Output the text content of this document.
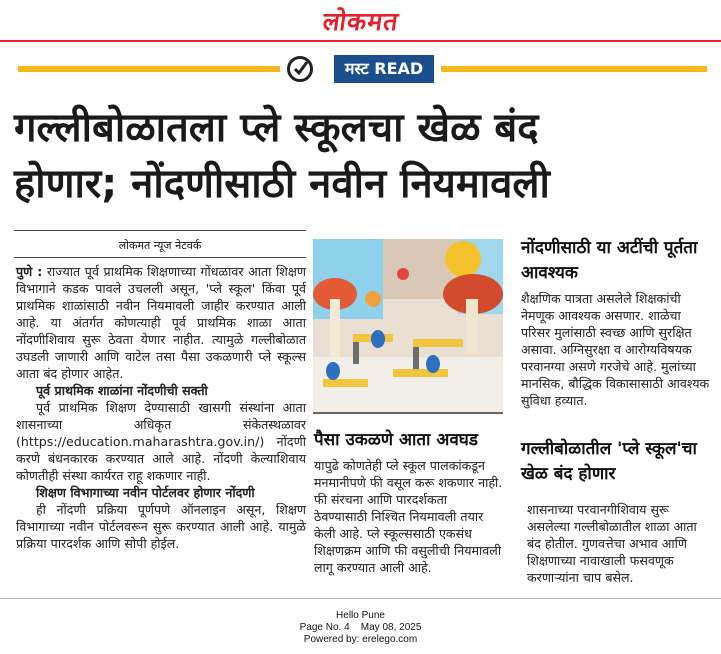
लोकमत
मस्ट READ
गल्लीबोळातला प्ले स्कूलचा खेळ बंद
होणार; नोंदणीसाठी नवीन नियमावली
लोकमत न्यूज नेटवर्क

पुणे : राज्यात पूर्व प्राथमिक शिक्षणाच्या गोंधळावर आता शिक्षण विभागाने कडक पावले उचलली असून, 'प्ले स्कूल' किंवा पूर्व प्राथमिक शाळांसाठी नवीन नियमावली जाहीर करण्यात आली आहे. या अंतर्गत कोणत्याही पूर्व प्राथमिक शाळा आता नोंदणीशिवाय सुरू ठेवता येणार नाहीत. त्यामुळे गल्लीबोळात उघडली जाणारी आणि वाटेल तसा पैसा उकळणारी प्ले स्कूल्स आता बंद होणार आहेत.

पूर्व प्राथमिक शाळांना नोंदणीची सक्ती

पूर्व प्राथमिक शिक्षण देण्यासाठी खासगी संस्थांना आता शासनाच्या अधिकृत संकेतस्थळावर (https://education.maharashtra.gov.in/) नोंदणी करणे बंधनकारक करण्यात आले आहे. नोंदणी केल्याशिवाय कोणतीही संस्था कार्यरत राहू शकणार नाही.

शिक्षण विभागाच्या नवीन पोर्टलवर होणार नोंदणी

ही नोंदणी प्रक्रिया पूर्णपणे ऑनलाइन असून, शिक्षण विभागाच्या नवीन पोर्टलवरून सुरू करण्यात आली आहे. यामुळे प्रक्रिया पारदर्शक आणि सोपी होईल.

पैसा उकळणे आता अवघड
यापुढे कोणतेही प्ले स्कूल पालकांकडून मनमानीपणे फी वसूल करू शकणार नाही. फी संरचना आणि पारदर्शकता ठेवण्यासाठी निश्चित नियमावली तयार केली आहे. प्ले स्कूल्ससाठी एकसंध शिक्षणक्रम आणि फी वसुलीची नियमावली लागू करण्यात आली आहे.
नोंदणीसाठी या अटींची पूर्तता आवश्यक
शैक्षणिक पात्रता असलेले शिक्षकांची नेमणूक आवश्यक असणार. शाळेचा परिसर मुलांसाठी स्वच्छ आणि सुरक्षित असावा. अग्निसुरक्षा व आरोग्यविषयक परवानग्या असणे गरजेचे आहे. मुलांच्या मानसिक, बौद्धिक विकासासाठी आवश्यक सुविधा हव्यात.
गल्लीबोळातील 'प्ले स्कूल'चा खेळ बंद होणार
शासनाच्या परवानगीशिवाय सुरू असलेल्या गल्लीबोळातील शाळा आता बंद होतील. गुणवत्तेचा अभाव आणि शिक्षणाच्या नावाखाली फसवणूक करणाऱ्यांना चाप बसेल.
Hello Pune
Page No. 4 May 08, 2025
Powered by: erelego.com
